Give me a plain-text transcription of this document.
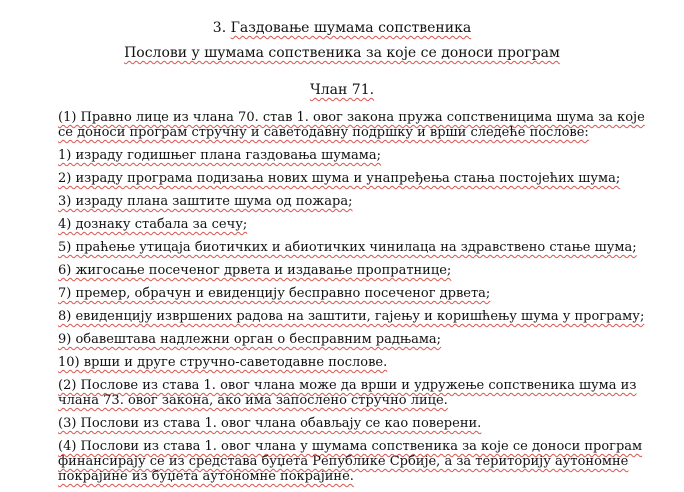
3. Газдовање шумама сопственика
Послови у шумама сопственика за које се доноси програм
Члан 71.

(1) Правно лице из члана 70. став 1. овог закона пружа сопственицима шума за које се доноси програм стручну и саветодавну подршку и врши следеће послове:

1) израду годишњег плана газдовања шумама;

2) израду програма подизања нових шума и унапређења стања постојећих шума;

3) израду плана заштите шума од пожара;

4) дознаку стабала за сечу;

5) праћење утицаја биотичких и абиотичких чинилаца на здравствено стање шума;

6) жигосање посеченог дрвета и издавање пропратнице;

7) премер, обрачун и евиденцију бесправно посеченог дрвета;

8) евиденцију извршених радова на заштити, гајењу и коришћењу шума у програму;

9) обавештава надлежни орган о бесправним радњама;

10) врши и друге стручно-саветодавне послове.

(2) Послове из става 1. овог члана може да врши и удружење сопственика шума из члана 73. овог закона, ако има запослено стручно лице.

(3) Послови из става 1. овог члана обављају се као поверени.

(4) Послови из става 1. овог члана у шумама сопственика за које се доноси програм финансирају се из средстава буџета Републике Србије, а за територију аутономне покрајине из буџета аутономне покрајине.
